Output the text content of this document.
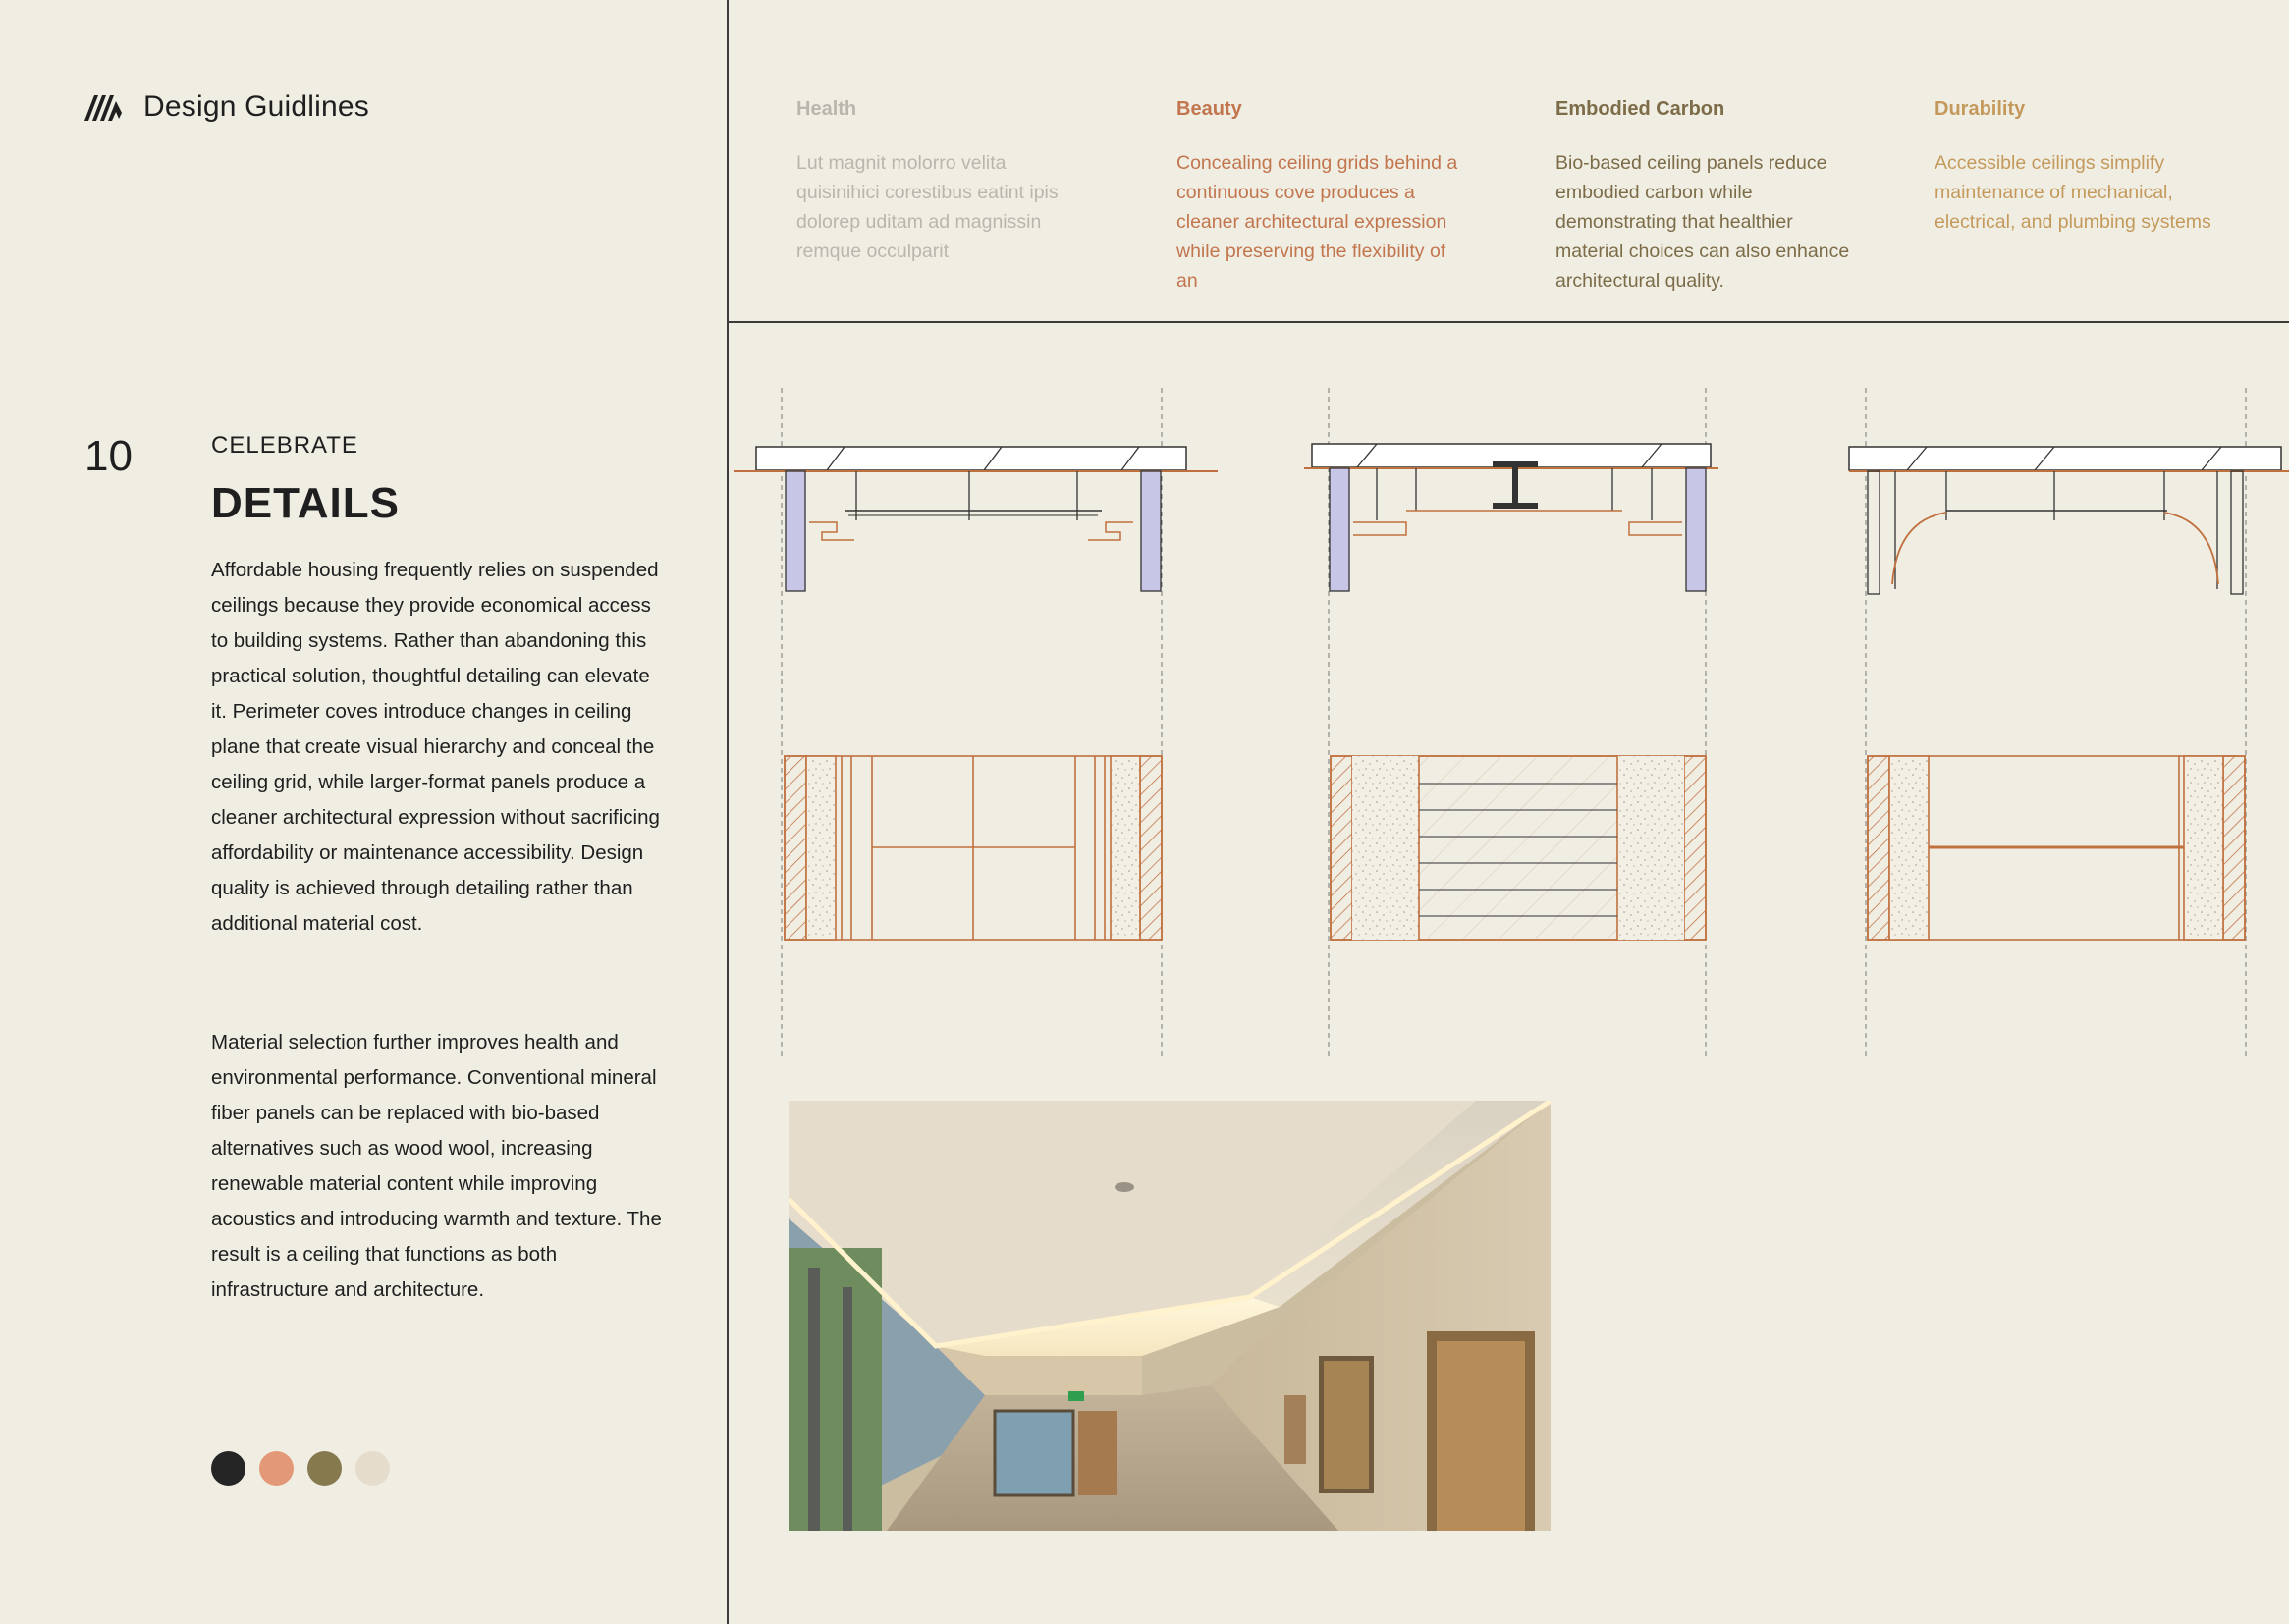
Design Guidlines
10	CELEBRATE
DETAILS

Affordable housing frequently relies on suspended ceilings because they provide economical access to building systems. Rather than abandoning this practical solution, thoughtful detailing can elevate it. Perimeter coves introduce changes in ceiling plane that create visual hierarchy and conceal the ceiling grid, while larger-format panels produce a cleaner architectural expression without sacrificing affordability or maintenance accessibility. Design quality is achieved through detailing rather than additional material cost.

Material selection further improves health and environmental performance. Conventional mineral fiber panels can be replaced with bio-based alternatives such as wood wool, increasing renewable material content while improving acoustics and introducing warmth and texture. The result is a ceiling that functions as both infrastructure and architecture.

Health

Lut magnit molorro velita quisinihici corestibus eatint ipis dolorep uditam ad magnissin remque occulparit

Beauty

Concealing ceiling grids behind a continuous cove produces a cleaner architectural expression while preserving the flexibility of an

Embodied Carbon

Bio-based ceiling panels reduce embodied carbon while demonstrating that healthier material choices can also enhance architectural quality.

Durability

Accessible ceilings simplify maintenance of mechanical, electrical, and plumbing systems
